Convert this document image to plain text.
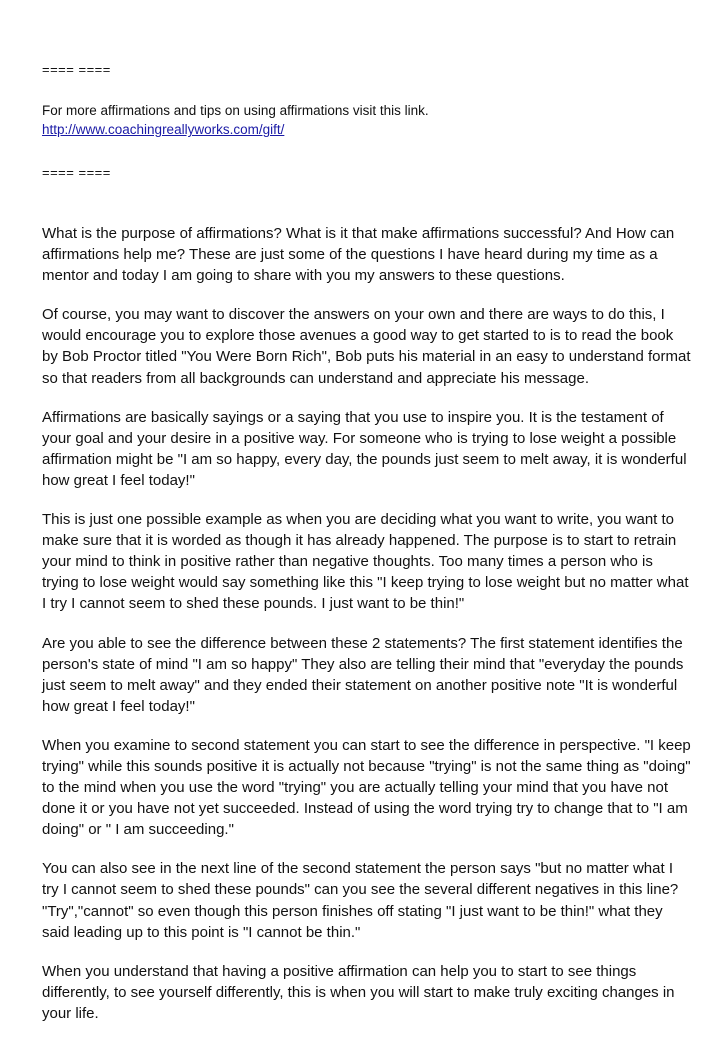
==== ====

For more affirmations and tips on using affirmations visit this link.

http://www.coachingreallyworks.com/gift/

==== ====

What is the purpose of affirmations? What is it that make affirmations successful? And How can affirmations help me? These are just some of the questions I have heard during my time as a mentor and today I am going to share with you my answers to these questions.

Of course, you may want to discover the answers on your own and there are ways to do this, I would encourage you to explore those avenues a good way to get started to is to read the book by Bob Proctor titled "You Were Born Rich", Bob puts his material in an easy to understand format so that readers from all backgrounds can understand and appreciate his message.

Affirmations are basically sayings or a saying that you use to inspire you. It is the testament of your goal and your desire in a positive way. For someone who is trying to lose weight a possible affirmation might be "I am so happy, every day, the pounds just seem to melt away, it is wonderful how great I feel today!"

This is just one possible example as when you are deciding what you want to write, you want to make sure that it is worded as though it has already happened. The purpose is to start to retrain your mind to think in positive rather than negative thoughts. Too many times a person who is trying to lose weight would say something like this "I keep trying to lose weight but no matter what I try I cannot seem to shed these pounds. I just want to be thin!"

Are you able to see the difference between these 2 statements? The first statement identifies the person's state of mind "I am so happy" They also are telling their mind that "everyday the pounds just seem to melt away" and they ended their statement on another positive note "It is wonderful how great I feel today!"

When you examine to second statement you can start to see the difference in perspective. "I keep trying" while this sounds positive it is actually not because "trying" is not the same thing as "doing" to the mind when you use the word "trying" you are actually telling your mind that you have not done it or you have not yet succeeded. Instead of using the word trying try to change that to "I am doing" or " I am succeeding."

You can also see in the next line of the second statement the person says "but no matter what I try I cannot seem to shed these pounds" can you see the several different negatives in this line? "Try","cannot" so even though this person finishes off stating "I just want to be thin!" what they said leading up to this point is "I cannot be thin."

When you understand that having a positive affirmation can help you to start to see things differently, to see yourself differently, this is when you will start to make truly exciting changes in your life.
